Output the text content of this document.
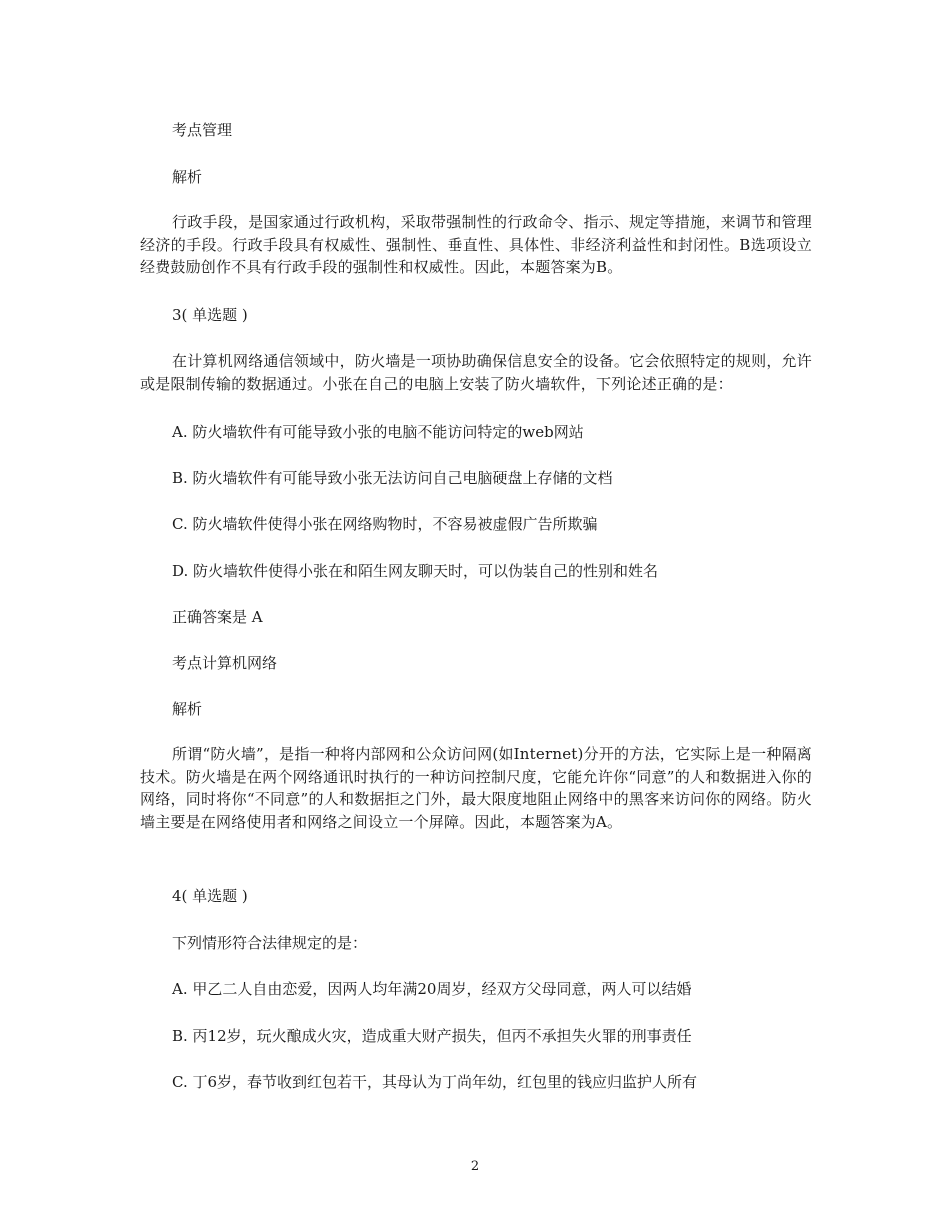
考点管理

解析

行政手段，是国家通过行政机构，采取带强制性的行政命令、指示、规定等措施，来调节和管理经济的手段。行政手段具有权威性、强制性、垂直性、具体性、非经济利益性和封闭性。B选项设立经费鼓励创作不具有行政手段的强制性和权威性。因此，本题答案为B。

3( 单选题 )

在计算机网络通信领域中，防火墙是一项协助确保信息安全的设备。它会依照特定的规则，允许或是限制传输的数据通过。小张在自己的电脑上安装了防火墙软件，下列论述正确的是：

A. 防火墙软件有可能导致小张的电脑不能访问特定的web网站

B. 防火墙软件有可能导致小张无法访问自己电脑硬盘上存储的文档

C. 防火墙软件使得小张在网络购物时，不容易被虚假广告所欺骗

D. 防火墙软件使得小张在和陌生网友聊天时，可以伪装自己的性别和姓名

正确答案是 A

考点计算机网络

解析

所谓“防火墙”，是指一种将内部网和公众访问网(如Internet)分开的方法，它实际上是一种隔离技术。防火墙是在两个网络通讯时执行的一种访问控制尺度，它能允许你“同意”的人和数据进入你的网络，同时将你“不同意”的人和数据拒之门外，最大限度地阻止网络中的黑客来访问你的网络。防火墙主要是在网络使用者和网络之间设立一个屏障。因此，本题答案为A。

4( 单选题 )

下列情形符合法律规定的是：

A. 甲乙二人自由恋爱，因两人均年满20周岁，经双方父母同意，两人可以结婚

B. 丙12岁，玩火酿成火灾，造成重大财产损失，但丙不承担失火罪的刑事责任

C. 丁6岁，春节收到红包若干，其母认为丁尚年幼，红包里的钱应归监护人所有

2
